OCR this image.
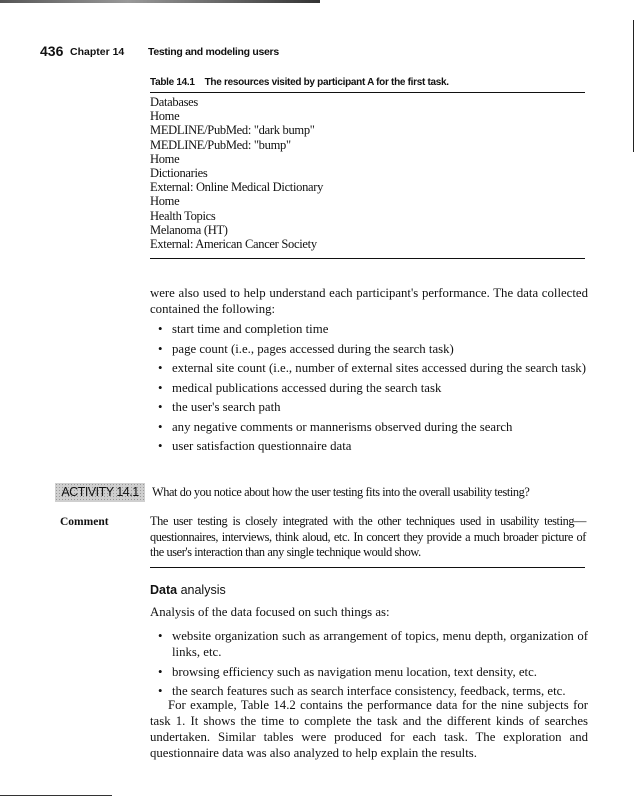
436 Chapter 14 Testing and modeling users
Table 14.1 The resources visited by participant A for the first task.
Databases
Home
MEDLINE/PubMed: "dark bump"
MEDLINE/PubMed: "bump"
Home
Dictionaries
External: Online Medical Dictionary
Home
Health Topics
Melanoma (HT)
External: American Cancer Society
were also used to help understand each participant's performance. The data collected contained the following:
• start time and completion time
• page count (i.e., pages accessed during the search task)
• external site count (i.e., number of external sites accessed during the search task)
• medical publications accessed during the search task
• the user's search path
• any negative comments or mannerisms observed during the search
• user satisfaction questionnaire data
ACTIVITY 14.1	What do you notice about how the user testing fits into the overall usability testing?
Comment	The user testing is closely integrated with the other techniques used in usability testing—questionnaires, interviews, think aloud, etc. In concert they provide a much broader picture of the user's interaction than any single technique would show.
Data analysis
Analysis of the data focused on such things as:
• website organization such as arrangement of topics, menu depth, organization of links, etc.
• browsing efficiency such as navigation menu location, text density, etc.
• the search features such as search interface consistency, feedback, terms, etc.
For example, Table 14.2 contains the performance data for the nine subjects for task 1. It shows the time to complete the task and the different kinds of searches undertaken. Similar tables were produced for each task. The exploration and questionnaire data was also analyzed to help explain the results.
